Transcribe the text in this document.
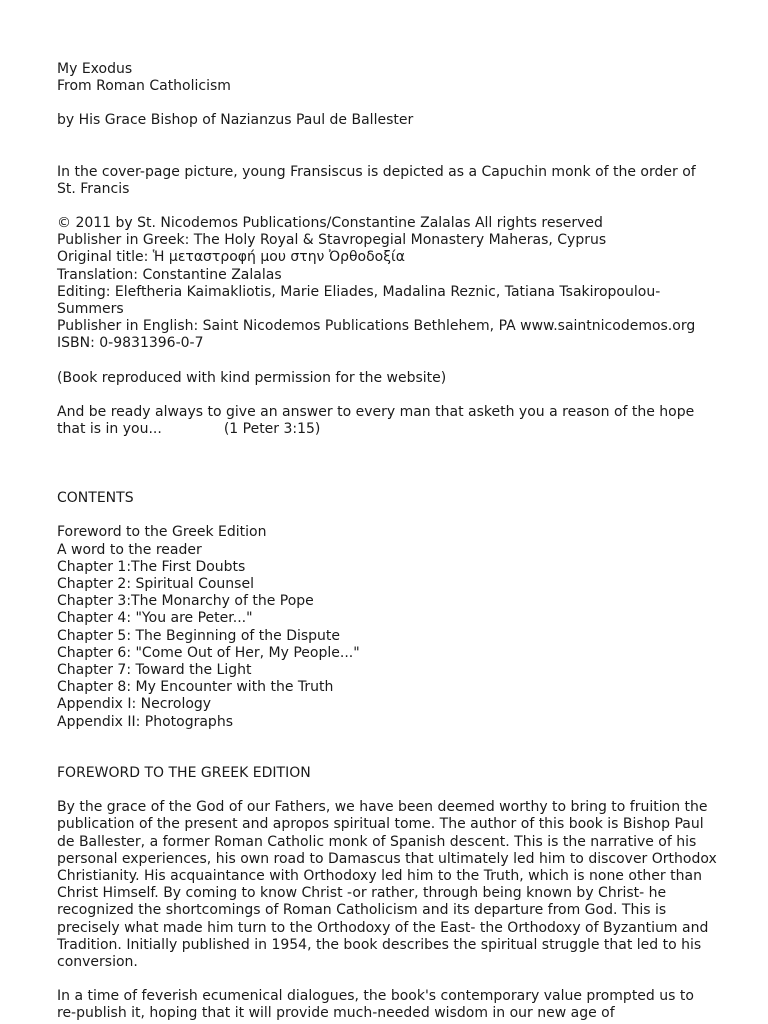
My Exodus
From Roman Catholicism
by His Grace Bishop of Nazianzus Paul de Ballester
In the cover-page picture, young Fransiscus is depicted as a Capuchin monk of the order of St. Francis
© 2011 by St. Nicodemos Publications/Constantine Zalalas All rights reserved
Publisher in Greek: The Holy Royal & Stavropegial Monastery Maheras, Cyprus
Original title: Ἡ μεταστροφή μου στην Ὀρθοδοξία
Translation: Constantine Zalalas
Editing: Eleftheria Kaimakliotis, Marie Eliades, Madalina Reznic, Tatiana Tsakiropoulou-Summers
Publisher in English: Saint Nicodemos Publications Bethlehem, PA www.saintnicodemos.org
ISBN: 0-9831396-0-7
(Book reproduced with kind permission for the website)
And be ready always to give an answer to every man that asketh you a reason of the hope
that is in you...	(1 Peter 3:15)
CONTENTS
Foreword to the Greek Edition
A word to the reader
Chapter 1:The First Doubts
Chapter 2: Spiritual Counsel
Chapter 3:The Monarchy of the Pope
Chapter 4: "You are Peter..."
Chapter 5: The Beginning of the Dispute
Chapter 6: "Come Out of Her, My People..."
Chapter 7: Toward the Light
Chapter 8: My Encounter with the Truth
Appendix I: Necrology
Appendix II: Photographs
FOREWORD TO THE GREEK EDITION
By the grace of the God of our Fathers, we have been deemed worthy to bring to fruition the publication of the present and apropos spiritual tome. The author of this book is Bishop Paul de Ballester, a former Roman Catholic monk of Spanish descent. This is the narrative of his personal experiences, his own road to Damascus that ultimately led him to discover Orthodox Christianity. His acquaintance with Orthodoxy led him to the Truth, which is none other than Christ Himself. By coming to know Christ -or rather, through being known by Christ- he recognized the shortcomings of Roman Catholicism and its departure from God. This is precisely what made him turn to the Orthodoxy of the East- the Orthodoxy of Byzantium and Tradition. Initially published in 1954, the book describes the spiritual struggle that led to his conversion.
In a time of feverish ecumenical dialogues, the book's contemporary value prompted us to re-publish it, hoping that it will provide much-needed wisdom in our new age of
